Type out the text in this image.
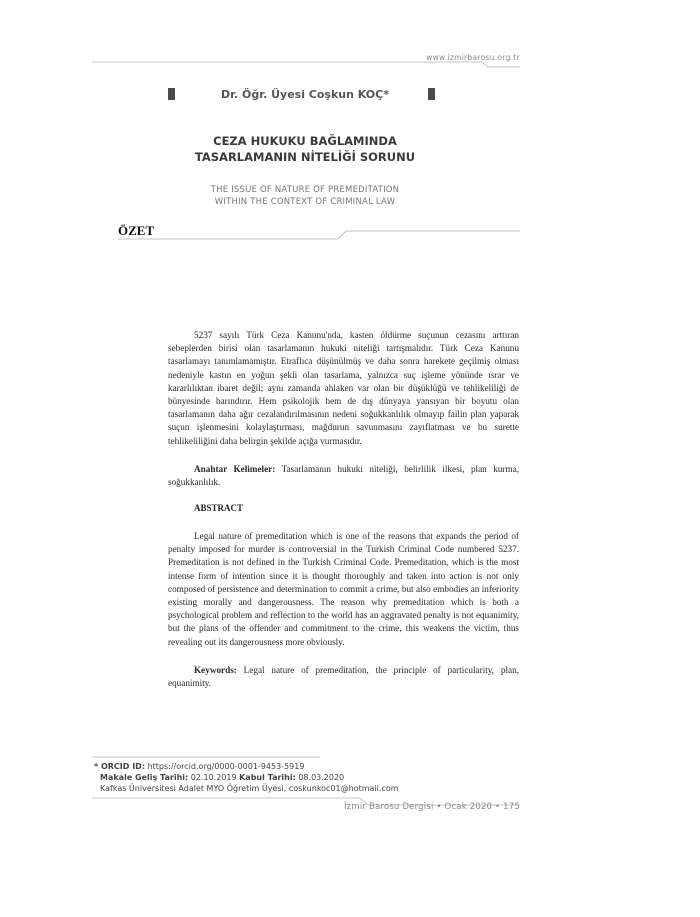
www.izmirbarosu.org.tr
Dr. Öğr. Üyesi Coşkun KOÇ*
CEZA HUKUKU BAĞLAMINDA
TASARLAMANIN NİTELİĞİ SORUNU
THE ISSUE OF NATURE OF PREMEDITATION
WITHIN THE CONTEXT OF CRIMINAL LAW
ÖZET

5237 sayılı Türk Ceza Kanunu'nda, kasten öldürme suçunun cezasını arttıran sebeplerden birisi olan tasarlamanın hukuki niteliği tartışmalıdır. Türk Ceza Kanunu tasarlamayı tanımlamamıştır. Etraflıca düşünülmüş ve daha sonra harekete geçilmiş olması nedeniyle kastın en yoğun şekli olan tasarlama, yalnızca suç işleme yönünde ısrar ve kararlılıktan ibaret değil; aynı zamanda ahlaken var olan bir düşüklüğü ve tehlikeliliği de bünyesinde barındırır. Hem psikolojik hem de dış dünyaya yansıyan bir boyutu olan tasarlamanın daha ağır cezalandırılmasının nedeni soğukkanlılık olmayıp failin plan yaparak suçun işlenmesini kolaylaştırması, mağdurun savunmasını zayıflatması ve bu surette tehlikeliliğini daha belirgin şekilde açığa vurmasıdır.

Anahtar Kelimeler: Tasarlamanın hukuki niteliği, belirlilik ilkesi, plan kurma, soğukkanlılık.

ABSTRACT

Legal nature of premeditation which is one of the reasons that expands the period of penalty imposed for murder is controversial in the Turkish Criminal Code numbered 5237. Premeditation is not defined in the Turkish Criminal Code. Premeditation, which is the most intense form of intention since it is thought thoroughly and taken into action is not only composed of persistence and determination to commit a crime, but also embodies an inferiority existing morally and dangerousness. The reason why premeditation which is both a psychological problem and reflection to the world has an aggravated penalty is not equanimity, but the plans of the offender and commitment to the crime, this weakens the victim, thus revealing out its dangerousness more obviously.

Keywords: Legal nature of premeditation, the principle of particularity, plan, equanimity.

* ORCID ID: https://orcid.org/0000-0001-9453-5919
Makale Geliş Tarihi: 02.10.2019 Kabul Tarihi: 08.03.2020
Kafkas Üniversitesi Adalet MYO Öğretim Üyesi, coskunkoc01@hotmail.com
İzmir Barosu Dergisi • Ocak 2020 • 175
